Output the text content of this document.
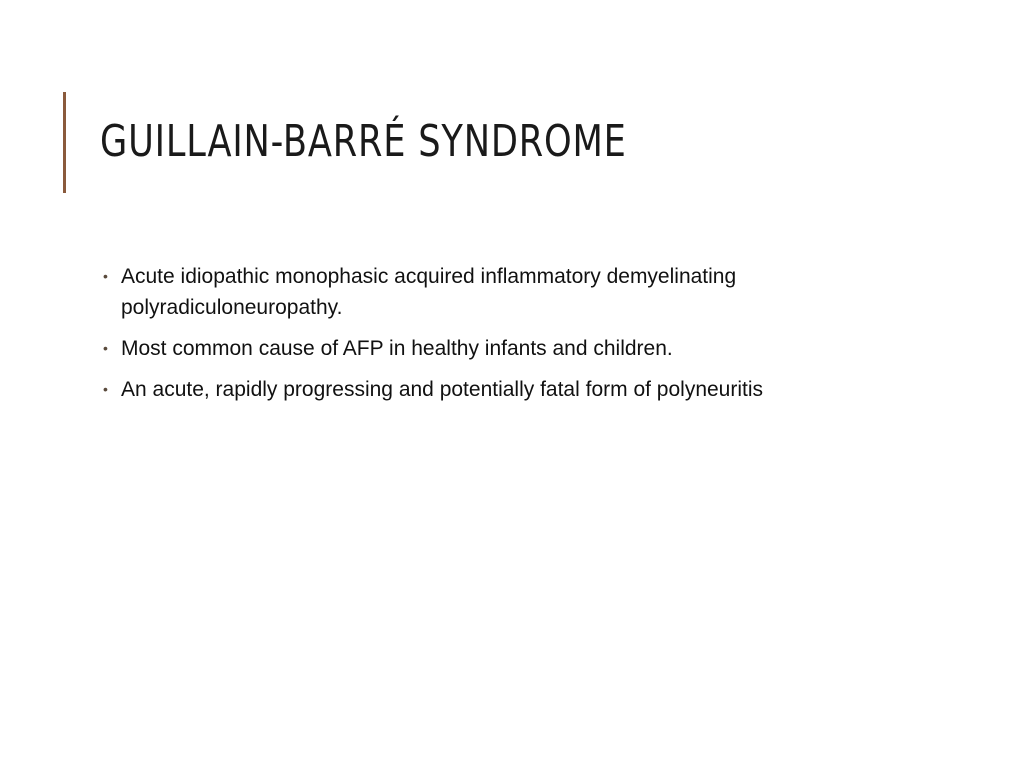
GUILLAIN-BARRÉ SYNDROME
• Acute idiopathic monophasic acquired inflammatory demyelinating polyradiculoneuropathy.
• Most common cause of AFP in healthy infants and children.
• An acute, rapidly progressing and potentially fatal form of polyneuritis
